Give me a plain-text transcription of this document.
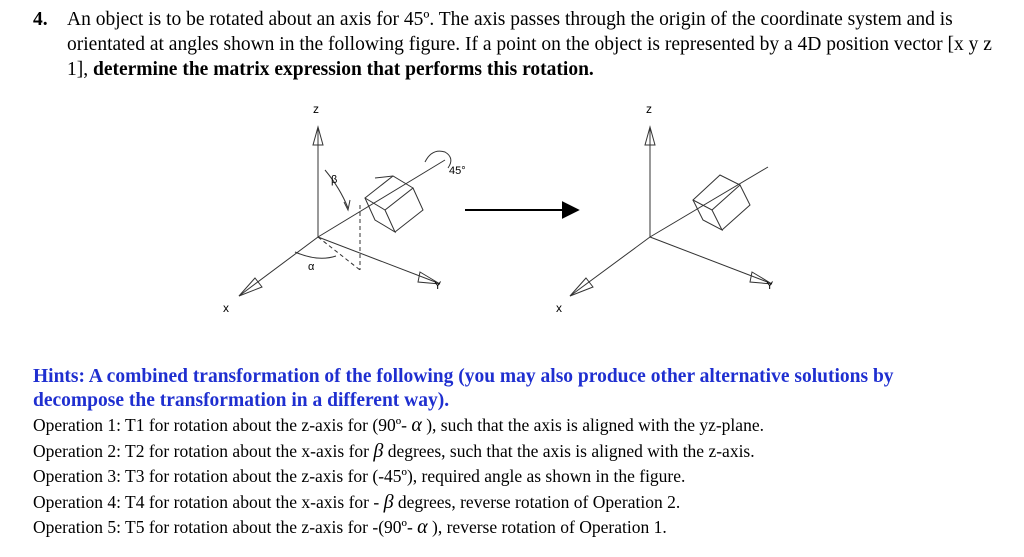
4. An object is to be rotated about an axis for 45º. The axis passes through the origin of the coordinate system and is orientated at angles shown in the following figure. If a point on the object is represented by a 4D position vector [x y z 1], determine the matrix expression that performs this rotation.
z
x
Y
β
α
45°
z
x
Y
Hints: A combined transformation of the following (you may also produce other alternative solutions by decompose the transformation in a different way).
Operation 1: T1 for rotation about the z-axis for (90º- α ), such that the axis is aligned with the yz-plane.
Operation 2: T2 for rotation about the x-axis for β degrees, such that the axis is aligned with the z-axis.
Operation 3: T3 for rotation about the z-axis for (-45º), required angle as shown in the figure.
Operation 4: T4 for rotation about the x-axis for - β degrees, reverse rotation of Operation 2.
Operation 5: T5 for rotation about the z-axis for -(90º- α ), reverse rotation of Operation 1.
